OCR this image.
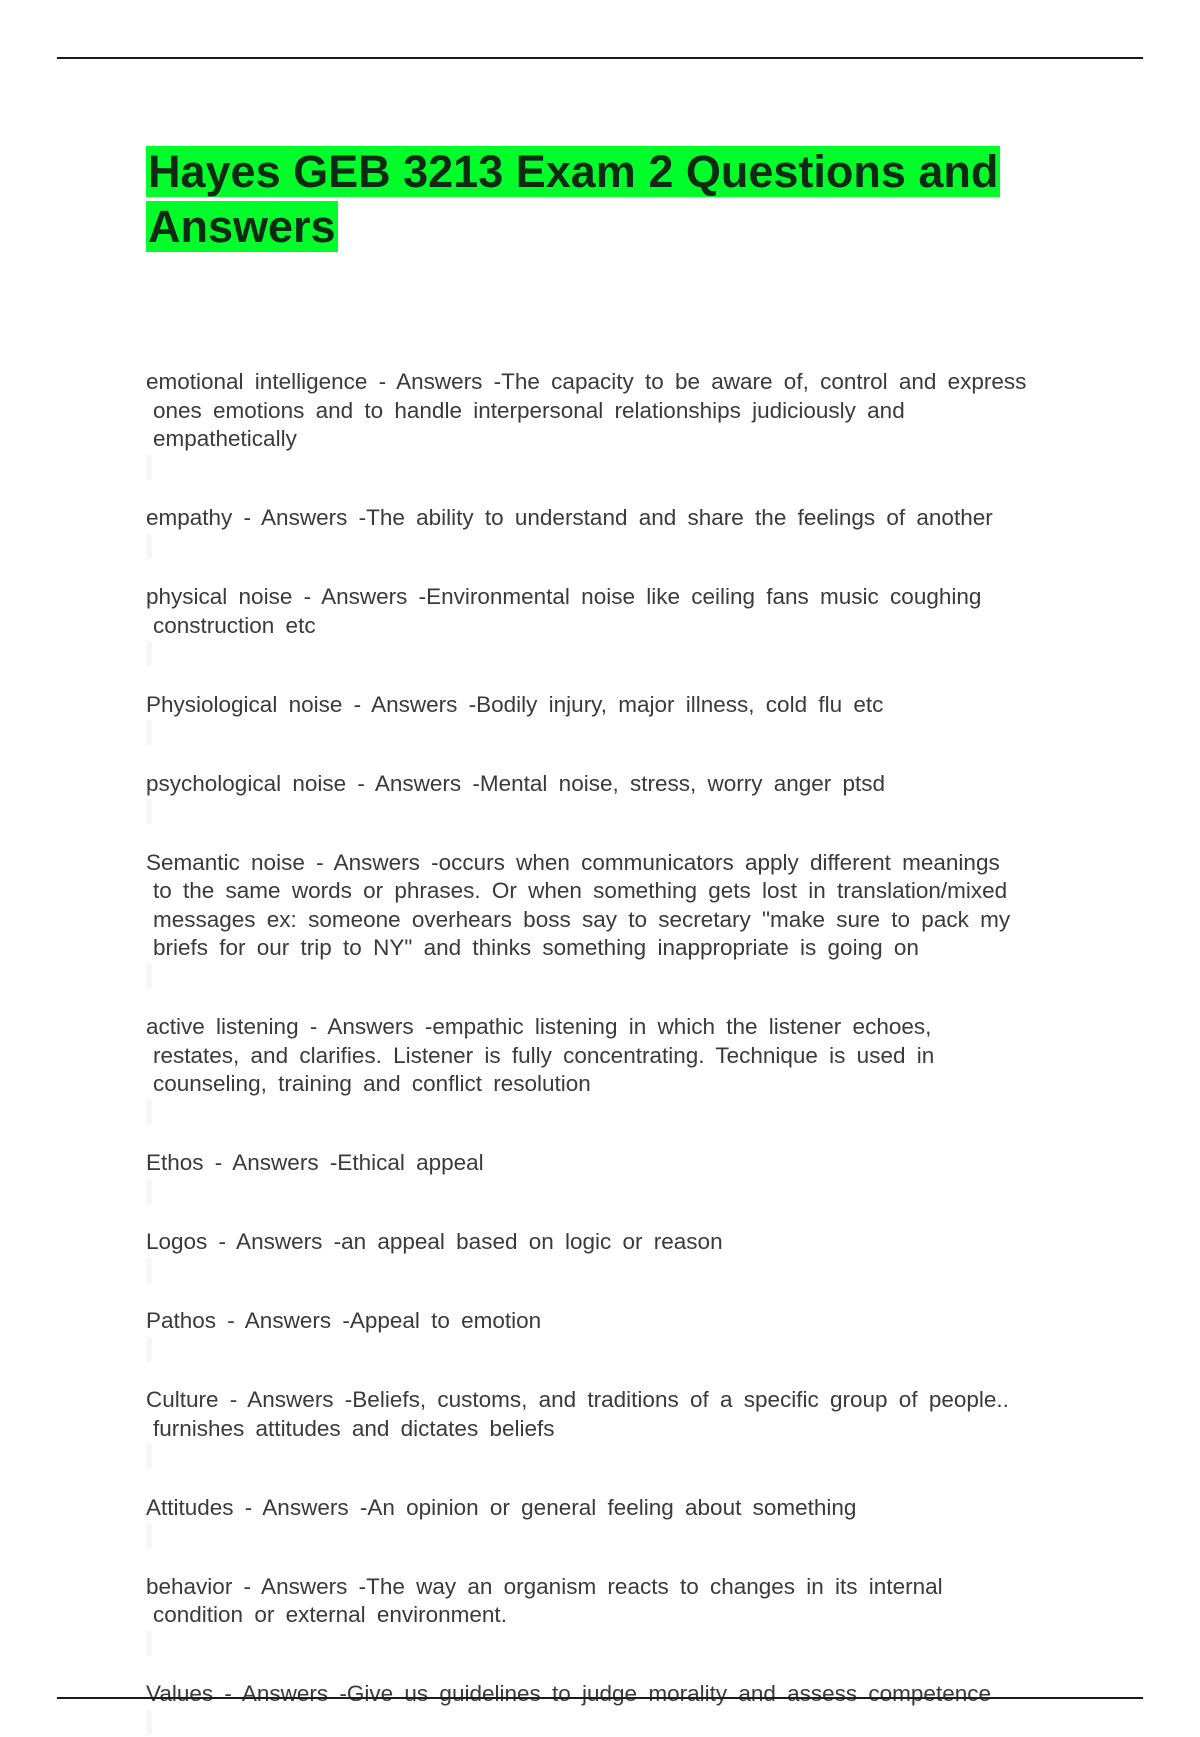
Hayes GEB 3213 Exam 2 Questions and Answers

emotional intelligence - Answers -The capacity to be aware of, control and express
ones emotions and to handle interpersonal relationships judiciously and
empathetically

empathy - Answers -The ability to understand and share the feelings of another

physical noise - Answers -Environmental noise like ceiling fans music coughing
construction etc

Physiological noise - Answers -Bodily injury, major illness, cold flu etc

psychological noise - Answers -Mental noise, stress, worry anger ptsd

Semantic noise - Answers -occurs when communicators apply different meanings
to the same words or phrases. Or when something gets lost in translation/mixed
messages ex: someone overhears boss say to secretary "make sure to pack my
briefs for our trip to NY" and thinks something inappropriate is going on

active listening - Answers -empathic listening in which the listener echoes,
restates, and clarifies. Listener is fully concentrating. Technique is used in
counseling, training and conflict resolution

Ethos - Answers -Ethical appeal

Logos - Answers -an appeal based on logic or reason

Pathos - Answers -Appeal to emotion

Culture - Answers -Beliefs, customs, and traditions of a specific group of people..
furnishes attitudes and dictates beliefs

Attitudes - Answers -An opinion or general feeling about something

behavior - Answers -The way an organism reacts to changes in its internal
condition or external environment.

Values - Answers -Give us guidelines to judge morality and assess competence
